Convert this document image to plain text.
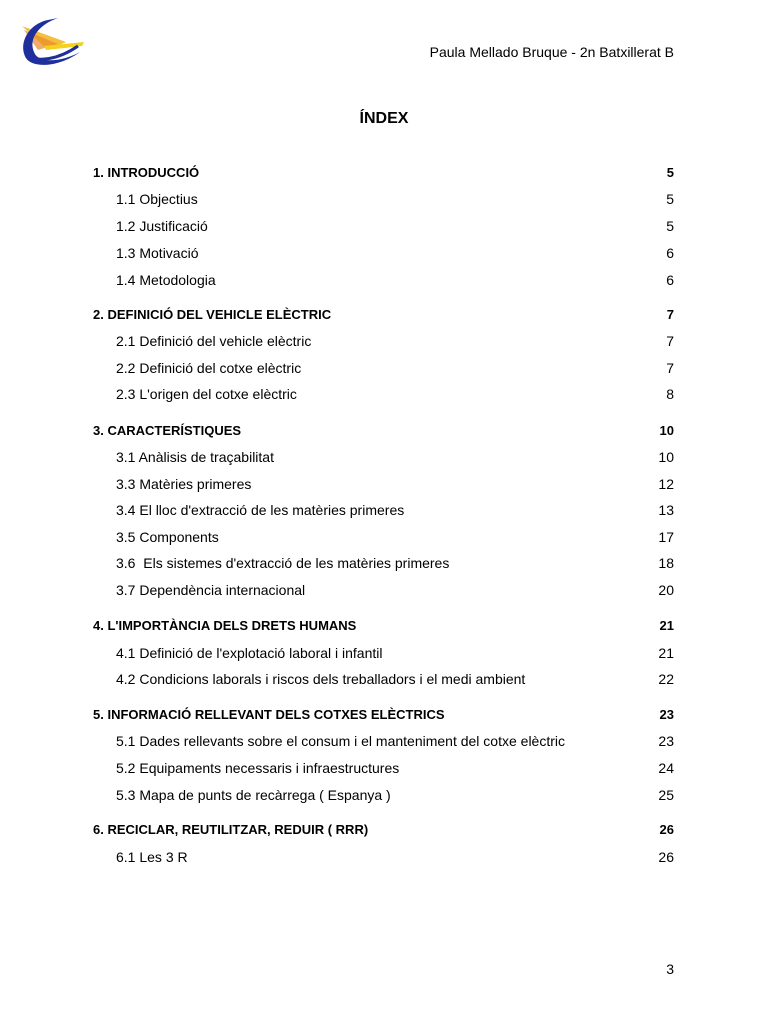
Paula Mellado Bruque - 2n Batxillerat B
ÍNDEX
1. INTRODUCCIÓ	5
1.1 Objectius	5
1.2 Justificació	5
1.3 Motivació	6
1.4 Metodologia	6
2. DEFINICIÓ DEL VEHICLE ELÈCTRIC	7
2.1 Definició del vehicle elèctric	7
2.2 Definició del cotxe elèctric	7
2.3 L'origen del cotxe elèctric	8
3. CARACTERÍSTIQUES	10
3.1 Anàlisis de traçabilitat	10
3.3 Matèries primeres	12
3.4 El lloc d'extracció de les matèries primeres	13
3.5 Components	17
3.6  Els sistemes d'extracció de les matèries primeres	18
3.7 Dependència internacional	20
4. L'IMPORTÀNCIA DELS DRETS HUMANS	21
4.1 Definició de l'explotació laboral i infantil	21
4.2 Condicions laborals i riscos dels treballadors i el medi ambient	22
5. INFORMACIÓ RELLEVANT DELS COTXES ELÈCTRICS	23
5.1 Dades rellevants sobre el consum i el manteniment del cotxe elèctric	23
5.2 Equipaments necessaris i infraestructures	24
5.3 Mapa de punts de recàrrega ( Espanya )	25
6. RECICLAR, REUTILITZAR, REDUIR ( RRR)	26
6.1 Les 3 R	26
3
